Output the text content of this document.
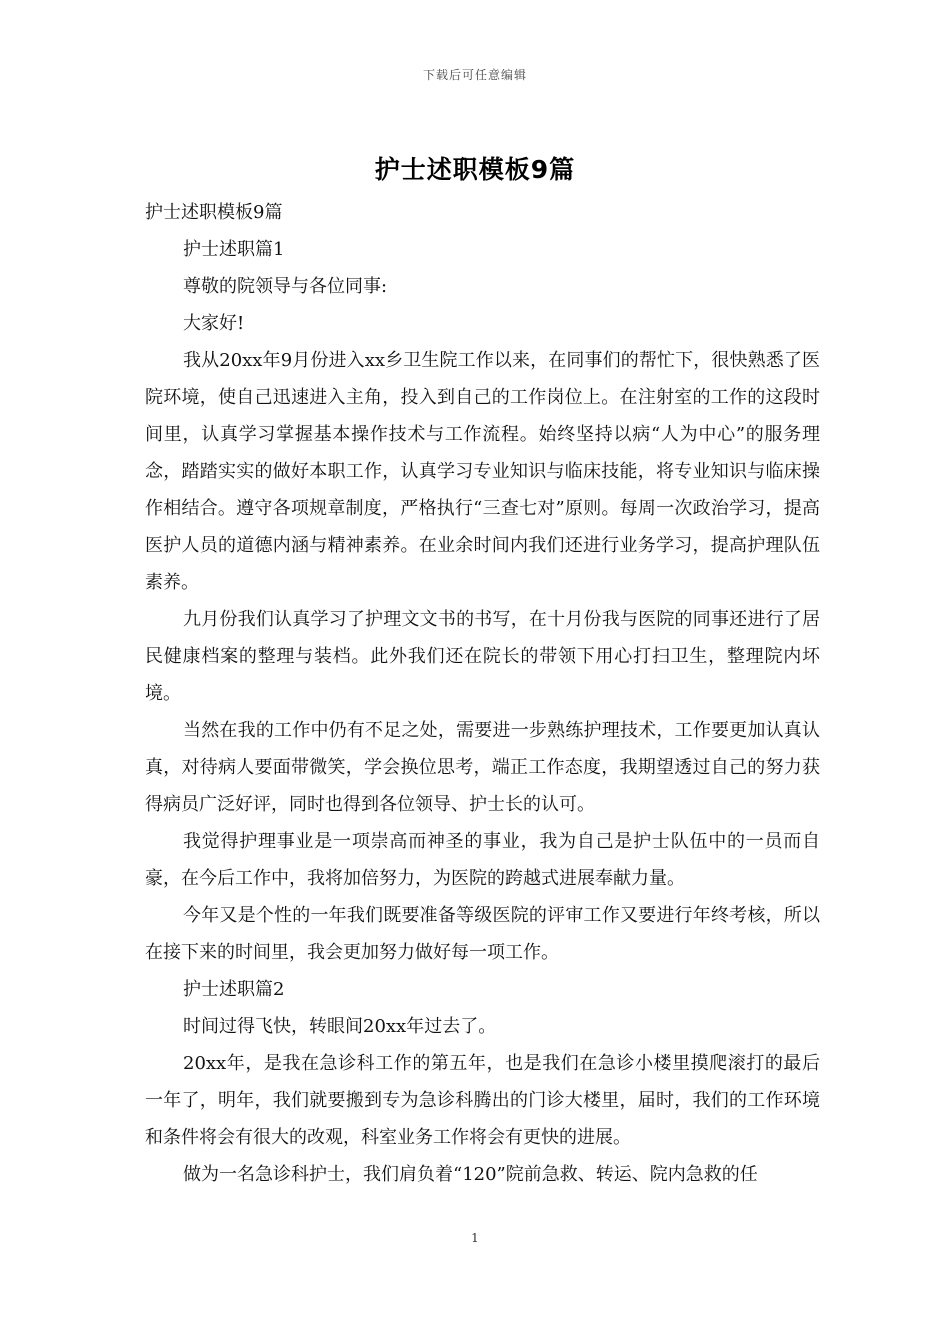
下载后可任意编辑
护士述职模板9篇

护士述职模板9篇

护士述职篇1

尊敬的院领导与各位同事:

大家好!

我从20xx年9月份进入xx乡卫生院工作以来，在同事们的帮忙下，很快熟悉了医院环境，使自己迅速进入主角，投入到自己的工作岗位上。在注射室的工作的这段时间里，认真学习掌握基本操作技术与工作流程。始终坚持以病“人为中心”的服务理念，踏踏实实的做好本职工作，认真学习专业知识与临床技能，将专业知识与临床操作相结合。遵守各项规章制度，严格执行“三查七对”原则。每周一次政治学习，提高医护人员的道德内涵与精神素养。在业余时间内我们还进行业务学习，提高护理队伍素养。

九月份我们认真学习了护理文文书的书写，在十月份我与医院的同事还进行了居民健康档案的整理与装档。此外我们还在院长的带领下用心打扫卫生，整理院内坏境。

当然在我的工作中仍有不足之处，需要进一步熟练护理技术，工作要更加认真认真，对待病人要面带微笑，学会换位思考，端正工作态度，我期望透过自己的努力获得病员广泛好评，同时也得到各位领导、护士长的认可。

我觉得护理事业是一项崇高而神圣的事业，我为自己是护士队伍中的一员而自豪，在今后工作中，我将加倍努力，为医院的跨越式进展奉献力量。

今年又是个性的一年我们既要准备等级医院的评审工作又要进行年终考核，所以在接下来的时间里，我会更加努力做好每一项工作。

护士述职篇2

时间过得飞快，转眼间20xx年过去了。

20xx年，是我在急诊科工作的第五年，也是我们在急诊小楼里摸爬滚打的最后一年了，明年，我们就要搬到专为急诊科腾出的门诊大楼里，届时，我们的工作环境和条件将会有很大的改观，科室业务工作将会有更快的进展。

做为一名急诊科护士，我们肩负着“120”院前急救、转运、院内急救的任

1
